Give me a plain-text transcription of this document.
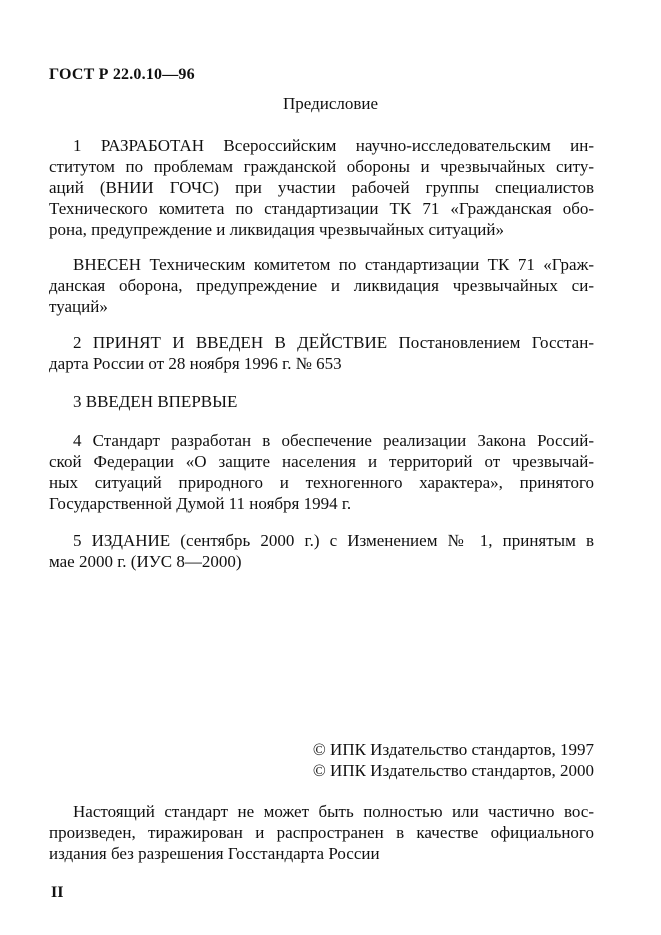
ГОСТ Р 22.0.10—96
Предисловие
1 РАЗРАБОТАН Всероссийским научно-исследовательским ин-
ститутом по проблемам гражданской обороны и чрезвычайных ситу-
аций (ВНИИ ГОЧС) при участии рабочей группы специалистов
Технического комитета по стандартизации ТК 71 «Гражданская обо-
рона, предупреждение и ликвидация чрезвычайных ситуаций»
ВНЕСЕН Техническим комитетом по стандартизации ТК 71 «Граж-
данская оборона, предупреждение и ликвидация чрезвычайных си-
туаций»
2 ПРИНЯТ И ВВЕДЕН В ДЕЙСТВИЕ Постановлением Госстан-
дарта России от 28 ноября 1996 г. № 653
3 ВВЕДЕН ВПЕРВЫЕ
4 Стандарт разработан в обеспечение реализации Закона Россий-
ской Федерации «О защите населения и территорий от чрезвычай-
ных ситуаций природного и техногенного характера», принятого
Государственной Думой 11 ноября 1994 г.
5 ИЗДАНИЕ (сентябрь 2000 г.) с Изменением № 1, принятым в
мае 2000 г. (ИУС 8—2000)
© ИПК Издательство стандартов, 1997
© ИПК Издательство стандартов, 2000
Настоящий стандарт не может быть полностью или частично вос-
произведен, тиражирован и распространен в качестве официального
издания без разрешения Госстандарта России
II
